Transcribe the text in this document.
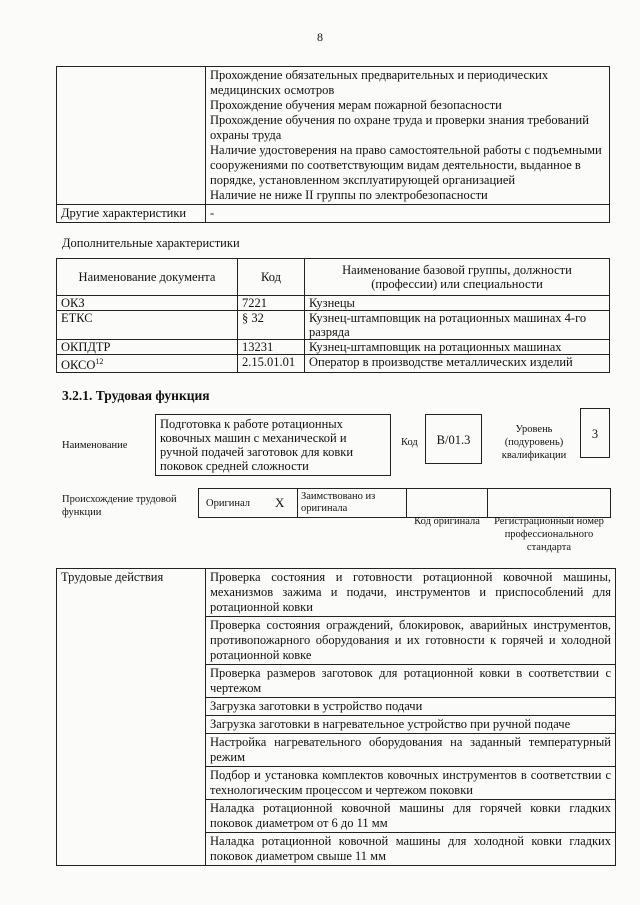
8

	Прохождение обязательных предварительных и периодических медицинских осмотров
Прохождение обучения мерам пожарной безопасности
Прохождение обучения по охране труда и проверки знания требований охраны труда
Наличие удостоверения на право самостоятельной работы с подъемными сооружениями по соответствующим видам деятельности, выданное в порядке, установленном эксплуатирующей организацией
Наличие не ниже II группы по электробезопасности

Другие характеристики	-
Дополнительные характеристики
Наименование документа	Код	Наименование базовой группы, должности (профессии) или специальности
ОКЗ	7221	Кузнецы
ЕТКС	§ 32	Кузнец-штамповщик на ротационных машинах 4-го разряда
ОКПДТР	13231	Кузнец-штамповщик на ротационных машинах
ОКСО$^{12}$	2.15.01.01	Оператор в производстве металлических изделий
3.2.1. Трудовая функция
Наименование
Подготовка к работе ротационных ковочных машин с механической и ручной подачей заготовок для ковки поковок средней сложности
Код	B/01.3
Уровень (подуровень) квалификации
3
Происхождение трудовой функции
Оригинал X	Заимствовано из оригинала
Код оригинала	Регистрационный номер профессионального стандарта
Трудовые действия	Проверка состояния и готовности ротационной ковочной машины, механизмов зажима и подачи, инструментов и приспособлений для ротационной ковки
Проверка состояния ограждений, блокировок, аварийных инструментов, противопожарного оборудования и их готовности к горячей и холодной ротационной ковке
Проверка размеров заготовок для ротационной ковки в соответствии с чертежом
Загрузка заготовки в устройство подачи
Загрузка заготовки в нагревательное устройство при ручной подаче
Настройка нагревательного оборудования на заданный температурный режим
Подбор и установка комплектов ковочных инструментов в соответствии с технологическим процессом и чертежом поковки
Наладка ротационной ковочной машины для горячей ковки гладких поковок диаметром от 6 до 11 мм
Наладка ротационной ковочной машины для холодной ковки гладких поковок диаметром свыше 11 мм
